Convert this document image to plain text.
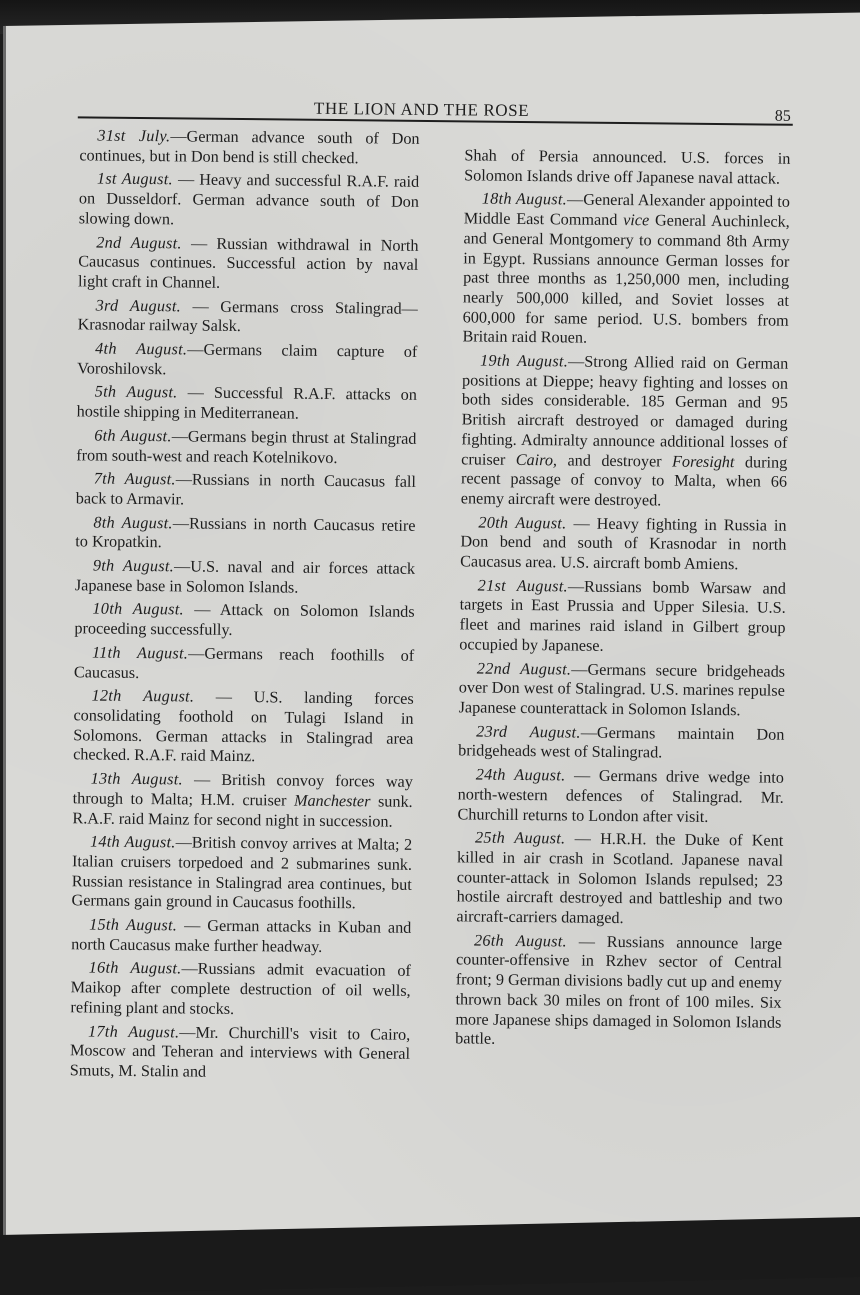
THE LION AND THE ROSE	85

31st July.—German advance south of Don continues, but in Don bend is still checked.

1st August. — Heavy and successful R.A.F. raid on Dusseldorf. German advance south of Don slowing down.

2nd August. — Russian withdrawal in North Caucasus continues. Successful action by naval light craft in Channel.

3rd August. — Germans cross Stalingrad—Krasnodar railway Salsk.

4th August.—Germans claim capture of Voroshilovsk.

5th August. — Successful R.A.F. attacks on hostile shipping in Mediterranean.

6th August.—Germans begin thrust at Stalingrad from south-west and reach Kotelnikovo.

7th August.—Russians in north Caucasus fall back to Armavir.

8th August.—Russians in north Caucasus retire to Kropatkin.

9th August.—U.S. naval and air forces attack Japanese base in Solomon Islands.

10th August. — Attack on Solomon Islands proceeding successfully.

11th August.—Germans reach foothills of Caucasus.

12th August. — U.S. landing forces consolidating foothold on Tulagi Island in Solomons. German attacks in Stalingrad area checked. R.A.F. raid Mainz.

13th August. — British convoy forces way through to Malta; H.M. cruiser Manchester sunk. R.A.F. raid Mainz for second night in succession.

14th August.—British convoy arrives at Malta; 2 Italian cruisers torpedoed and 2 submarines sunk. Russian resistance in Stalingrad area continues, but Germans gain ground in Caucasus foothills.

15th August. — German attacks in Kuban and north Caucasus make further headway.

16th August.—Russians admit evacuation of Maikop after complete destruction of oil wells, refining plant and stocks.

17th August.—Mr. Churchill's visit to Cairo, Moscow and Teheran and interviews with General Smuts, M. Stalin and

Shah of Persia announced. U.S. forces in Solomon Islands drive off Japanese naval attack.

18th August.—General Alexander appointed to Middle East Command vice General Auchinleck, and General Montgomery to command 8th Army in Egypt. Russians announce German losses for past three months as 1,250,000 men, including nearly 500,000 killed, and Soviet losses at 600,000 for same period. U.S. bombers from Britain raid Rouen.

19th August.—Strong Allied raid on German positions at Dieppe; heavy fighting and losses on both sides considerable. 185 German and 95 British aircraft destroyed or damaged during fighting. Admiralty announce additional losses of cruiser Cairo, and destroyer Foresight during recent passage of convoy to Malta, when 66 enemy aircraft were destroyed.

20th August. — Heavy fighting in Russia in Don bend and south of Krasnodar in north Caucasus area. U.S. aircraft bomb Amiens.

21st August.—Russians bomb Warsaw and targets in East Prussia and Upper Silesia. U.S. fleet and marines raid island in Gilbert group occupied by Japanese.

22nd August.—Germans secure bridgeheads over Don west of Stalingrad. U.S. marines repulse Japanese counterattack in Solomon Islands.

23rd August.—Germans maintain Don bridgeheads west of Stalingrad.

24th August. — Germans drive wedge into north-western defences of Stalingrad. Mr. Churchill returns to London after visit.

25th August. — H.R.H. the Duke of Kent killed in air crash in Scotland. Japanese naval counter-attack in Solomon Islands repulsed; 23 hostile aircraft destroyed and battleship and two aircraft-carriers damaged.

26th August. — Russians announce large counter-offensive in Rzhev sector of Central front; 9 German divisions badly cut up and enemy thrown back 30 miles on front of 100 miles. Six more Japanese ships damaged in Solomon Islands battle.
